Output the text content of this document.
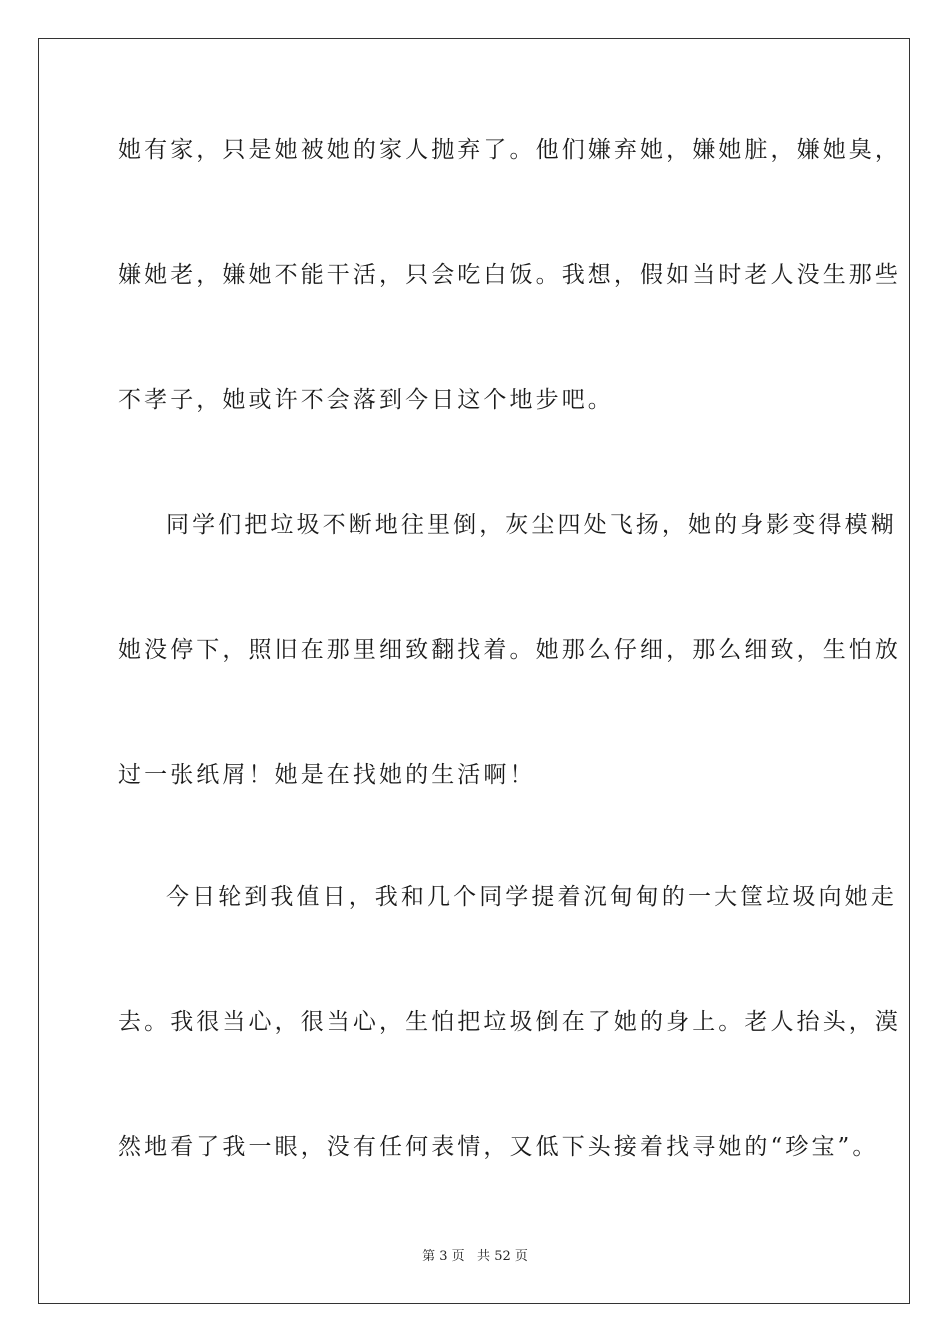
她有家，只是她被她的家人抛弃了。他们嫌弃她，嫌她脏，嫌她臭，
嫌她老，嫌她不能干活，只会吃白饭。我想，假如当时老人没生那些
不孝子，她或许不会落到今日这个地步吧。
同学们把垃圾不断地往里倒，灰尘四处飞扬，她的身影变得模糊
她没停下，照旧在那里细致翻找着。她那么仔细，那么细致，生怕放
过一张纸屑！她是在找她的生活啊！
今日轮到我值日，我和几个同学提着沉甸甸的一大筐垃圾向她走
去。我很当心，很当心，生怕把垃圾倒在了她的身上。老人抬头，漠
然地看了我一眼，没有任何表情，又低下头接着找寻她的“珍宝”。
第 3 页   共 52 页
